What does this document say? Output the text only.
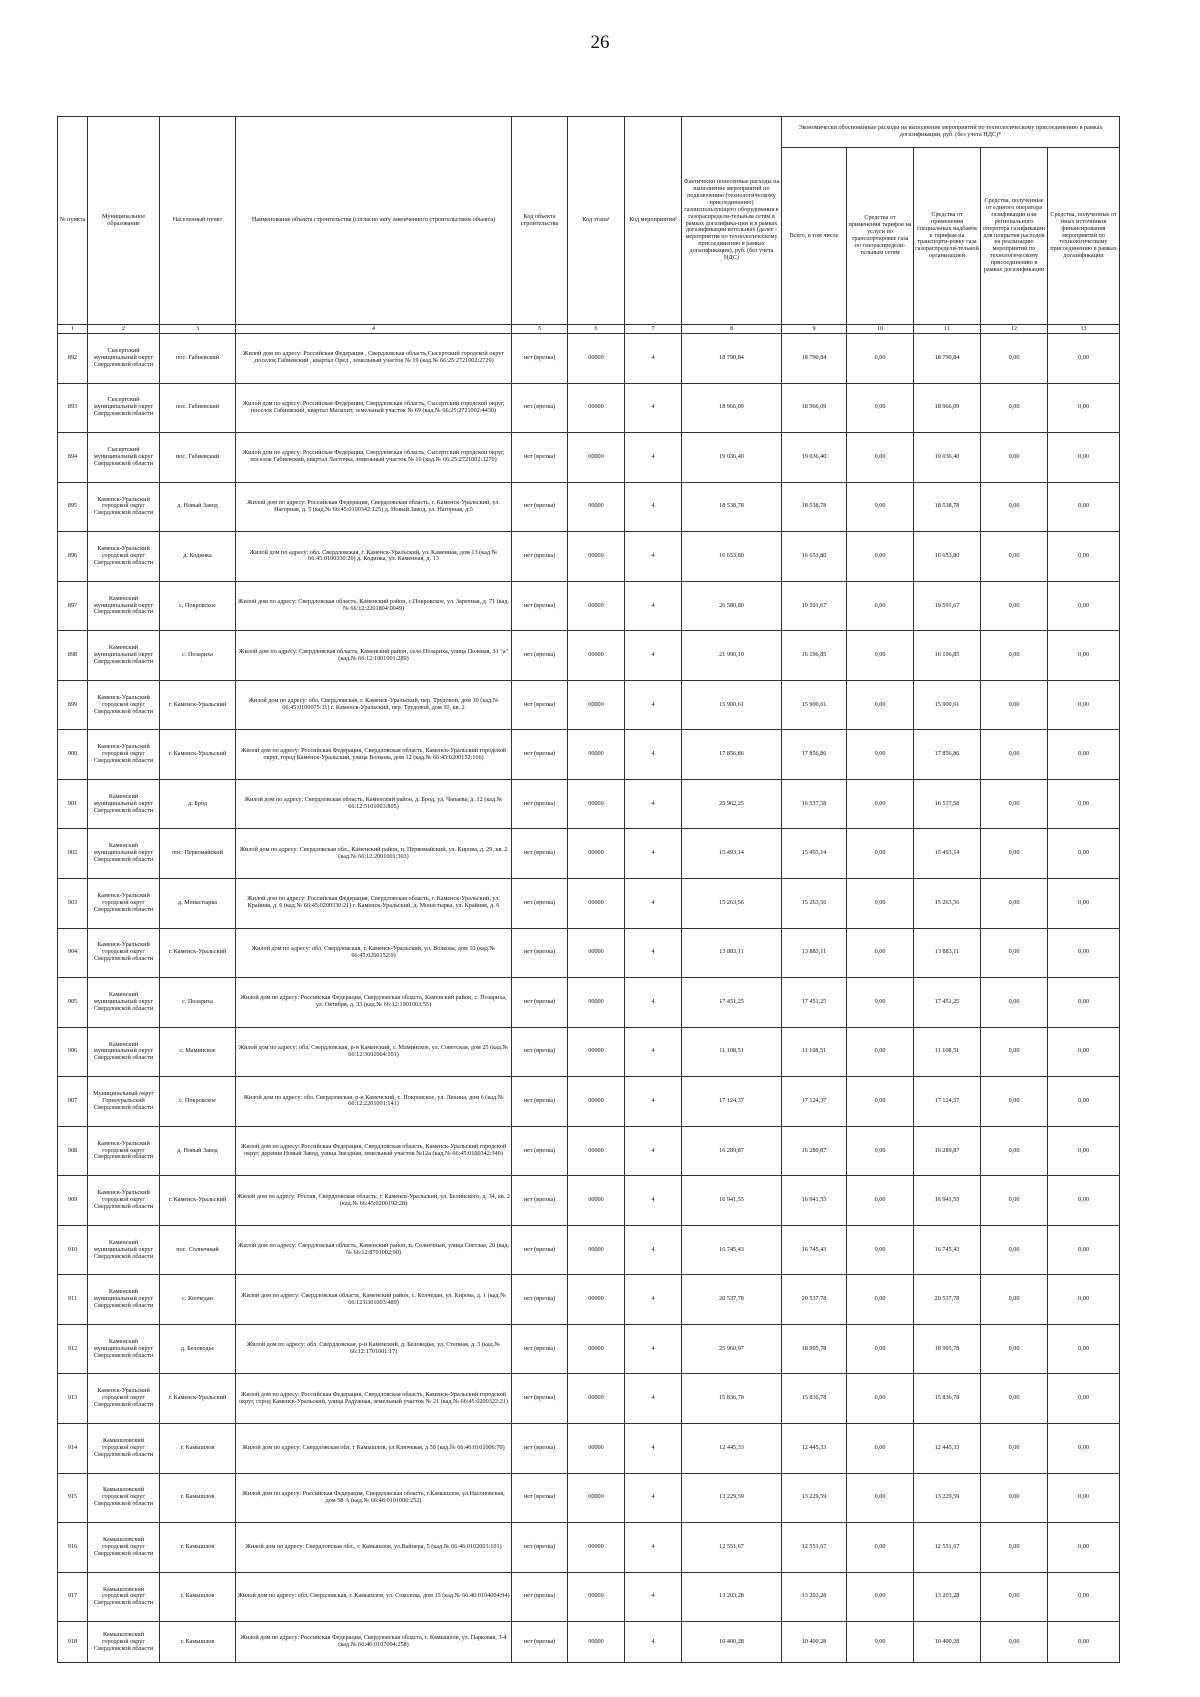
26
№ пункта	Муниципальное образование	Населенный пункт	Наименование объекта строительства (согласно акту законченного строительством объекта)	Код объекта строительства	Код этапа¹	Код мероприятия²	Фактически понесенные расходы на выполнение мероприятий по подключению (технологическому присоединению) газоиспользующего оборудования к газораспредели-тельным сетям в рамках догазифика-ции и в рамках догазификации котельных (далее - мероприятия по технологическому присоединению в рамках догазификации), руб. (без учета НДС)	Экономически обоснованные расходы на выполнение мероприятий по технологическому присоединению в рамках догазификации, руб. (без учета НДС)*				
								Всего, в том числе	Средства от применения тарифов на услуги по транспортировке газа по газораспредели-тельным сетям	Средства от применения специальных надбавок к тарифам на транспорти-ровку газа газораспредели-тельной организацией	Средства, полученные от единого оператора газификации или регионального оператора газификации для покрытия расходов на реализацию мероприятий по технологическому присоединению в рамках догазификации	Средства, полученные от иных источников финансирования мероприятий по технологическому присоединению в рамках догазификации
1	2	3	4	5	6	7	8	9	10	11	12	13
892	Сысертский муниципальный округ Свердловской области	пос. Габиевский	Жилой дом по адресу: Российская Федерация , Свердловская область,Сысертский городской округ ,поселок Габиевский , квартал Орел , земельный участок № 19 (кад.№ 66:25:2721002:2729)	нет (врезка)	00000	4	18 790,84	18 790,84	0,00	18 790,84	0,00	0,00
893	Сысертский муниципальный округ Свердловской области	пос. Габиевский	Жилой дом по адресу: Российская Федерация, Свердловская область, Сысертский городской округ, поселок Габиевский, квартал Малахит, земельный участок № 69 (кад.№ 66:25:2721002:4430)	нет (врезка)	00000	4	18 966,09	18 966,09	0,00	18 966,09	0,00	0,00
894	Сысертский муниципальный округ Свердловской области	пос. Габиевский	Жилой дом по адресу: Российская Федерация, Свердловская область, Сысертский городской округ, поселок Габиевский, квартал Ласточка, земельный участок № 10 (кад.№ 66:25:2721002:3270)	нет (врезка)	00000	4	19 036,40	19 036,40	0,00	19 036,40	0,00	0,00
895	Каменск-Уральский городской округ Свердловской области	д. Новый Завод	Жилой дом по адресу: Российская Федерация, Свердловская область, г. Каменск-Уральский, ул. Нагорная, д. 5 (кад.№ 66:45:0100342:125) д. Новый Завод, ул. Нагорная, д.5	нет (врезка)	00000	4	18 538,78	18 538,78	0,00	18 538,78	0,00	0,00
896	Каменск-Уральский городской округ Свердловской области	д. Кодинка	Жилой дом по адресу: обл. Свердловская, г. Каменск-Уральский, ул. Каменная, дом 13 (кад.№ 66:45:0100330:20) д. Кодинка, ул. Каменная, д. 13	нет (врезка)	00000	4	16 653,80	16 653,80	0,00	16 653,80	0,00	0,00
897	Каменский муниципальный округ Свердловской области	с. Покровское	Жилой дом по адресу: Свердловская область, Каменский район, с.Покровское, ул. Заречная, д. 71 (кад.№ 66:12:2201804:0049)	нет (врезка)	00000	4	26 580,80	19 591,67	0,00	19 591,67	0,00	0,00
898	Каменский муниципальный округ Свердловской области	с. Позариха	Жилой дом по адресу: Свердловская область, Каменский район, село Позариха, улица Полевая, 31 "а" (кад.№ 66:12:1901001:289)	нет (врезка)	00000	4	21 990,10	16 196,85	0,00	16 196,85	0,00	0,00
899	Каменск-Уральский городской округ Свердловской области	г. Каменск-Уральский	Жилой дом по адресу: обл. Свердловская, г. Каменск-Уральский, пер. Трудовой, дом 10 (кад.№ 66:45:0100075:11) г. Каменск-Уральский, пер. Трудовой, дом 10, кв. 2	нет (врезка)	00000	4	15 900,61	15 900,61	0,00	15 900,61	0,00	0,00
900	Каменск-Уральский городской округ Свердловской области	г. Каменск-Уральский	Жилой дом по адресу: Российская Федерация, Свердловская область, Каменск-Уральский городской округ, город Каменск-Уральский, улица Волкова, дом 12 (кад.№ 66:45:0200152:166)	нет (врезка)	00000	4	17 856,86	17 856,86	0,00	17 856,86	0,00	0,00
901	Каменский муниципальный округ Свердловской области	д. Брод	Жилой дом по адресу: Свердловская область, Каменский район, д. Брод, ул. Чапаева, д. 12 (кад.№ 66:12:5101003:805)	нет (врезка)	00000	4	25 962,25	16 537,58	0,00	16 537,58	0,00	0,00
902	Каменский муниципальный округ Свердловской области	пос. Первомайский	Жилой дом по адресу: Свердловская обл., Каменский район, п. Первомайский, ул. Кирова, д. 29, кв. 2 (кад.№ 66:12:2001001:303)	нет (врезка)	00000	4	15 493,14	15 493,14	0,00	15 493,14	0,00	0,00
903	Каменск-Уральский городской округ Свердловской области	д. Монастырка	Жилой дом по адресу: Российская Федерация, Свердловская область, г. Каменск-Уральский, ул. Крайняя, д. 6 (кад.№ 66:45:0200330:21) г. Каменск-Уральский, д. Монастырка, ул. Крайняя, д. 6	нет (врезка)	00000	4	15 263,56	15 263,56	0,00	15 263,56	0,00	0,00
904	Каменск-Уральский городской округ Свердловской области	г. Каменск-Уральский	Жилой дом по адресу: обл. Свердловская, г. Каменск-Уральский, ул. Волкова, дом 10 (кад.№ 66:45:0200152:9)	нет (врезка)	00000	4	13 883,11	13 883,11	0,00	13 883,11	0,00	0,00
905	Каменский муниципальный округ Свердловской области	с. Позариха	Жилой дом по адресу: Российская Федерация, Свердловская область, Каменский район, с. Позариха, ул. Октября, д. 33 (кад.№ 66:12:1901003:55)	нет (врезка)	00000	4	17 451,25	17 451,25	0,00	17 451,25	0,00	0,00
906	Каменский муниципальный округ Свердловской области	с. Маминское	Жилой дом по адресу: обл. Свердловская, р-н Каменский, с. Маминское, ул. Советская, дом 25 (кад.№ 66:12:3601004:101)	нет (врезка)	00000	4	11 108,51	11 108,51	0,00	11 108,51	0,00	0,00
907	Муниципальный округ Горноуральский Свердловской области	с. Покровское	Жилой дом по адресу: обл. Свердловская, р-н Каменский, с. Покровское, ул. Ленина, дом 6 (кад.№ 66:12:2201001:141)	нет (врезка)	00000	4	17 124,37	17 124,37	0,00	17 124,37	0,00	0,00
908	Каменск-Уральский городской округ Свердловской области	д. Новый Завод	Жилой дом по адресу: Российская Федерация, Свердловская область, Каменск-Уральский городской округ, деревня Новый Завод, улица Звездная, земельный участок №12а (кад.№ 66:45:0100342:340)	нет (врезка)	00000	4	16 289,87	16 289,87	0,00	16 289,87	0,00	0,00
909	Каменск-Уральский городской округ Свердловской области	г. Каменск-Уральский	Жилой дом по адресу: Россия, Свердловская область, г. Каменск-Уральский, ул. Белинского, д. 34, кв. 2 (кад.№ 66:45:0200192:28)	нет (врезка)	00000	4	16 941,55	16 941,55	0,00	16 941,55	0,00	0,00
910	Каменский муниципальный округ Свердловской области	пос. Солнечный	Жилой дом по адресу: Свердловская область, Каменский район, п. Солнечный, улица Светлая, 20 (кад.№ 66:12:8701002:90)	нет (врезка)	00000	4	16 745,43	16 745,43	0,00	16 745,43	0,00	0,00
911	Каменский муниципальный округ Свердловской области	с. Колчедан	Жилой дом по адресу: Свердловская область, Каменский район, с. Колчедан, ул. Кирова, д. 1 (кад.№ 66:12:6301003:489)	нет (врезка)	00000	4	20 537,78	20 537,78	0,00	20 537,78	0,00	0,00
912	Каменский муниципальный округ Свердловской области	д. Беловодье	Жилой дом по адресу: обл. Свердловская, р-н Каменский, д. Беловодье, ул. Степная, д. 3 (кад.№ 66:12:1701001:17)	нет (врезка)	00000	4	25 960,97	18 995,78	0,00	18 995,78	0,00	0,00
913	Каменск-Уральский городской округ Свердловской области	г. Каменск-Уральский	Жилой дом по адресу: Российская Федерация, Свердловская область, Каменск-Уральский городской округ, город Каменск-Уральский, улица Радужная, земельный участок № 21 (кад.№ 66:45:0200322:21)	нет (врезка)	00000	4	15 836,78	15 836,78	0,00	15 836,78	0,00	0,00
914	Камышловский городской округ Свердловской области	г. Камышлов	Жилой дом по адресу: Свердловская обл, г Камышлов, ул Ключевая, д 58 (кад.№ 66:46:0101006:70)	нет (врезка)	00000	4	12 445,33	12 445,33	0,00	12 445,33	0,00	0,00
915	Камышловский городской округ Свердловской области	г. Камышлов	Жилой дом по адресу: Российская Федерация, Свердловская область, г.Камышлов, ул.Насоновская, дом 58 А (кад.№ 66:46:0101006:252)	нет (врезка)	00000	4	13 229,59	13 229,59	0,00	13 229,59	0,00	0,00
916	Камышловский городской округ Свердловской области	г. Камышлов	Жилой дом по адресу: Свердловская обл., г. Камышлов, ул.Вайнера, 5 (кад.№ 66:46:0102003:101)	нет (врезка)	00000	4	12 551,67	12 551,67	0,00	12 551,67	0,00	0,00
917	Камышловский городской округ Свердловской области	г. Камышлов	Жилой дом по адресу: обл. Свердловская, г. Камышлов, ул. Соколова, дом 15 (кад.№ 66:46:0104004:94)	нет (врезка)	00000	4	13 203,28	13 203,28	0,00	13 203,28	0,00	0,00
918	Камышловский городской округ Свердловской области	г. Камышлов	Жилой дом по адресу: Российская Федерация, Свердловская область, г. Камышлов, ул. Парковая, 3-4 (кад.№ 66:46:0107004:258)	нет (врезка)	00000	4	10 400,28	10 400,28	0,00	10 400,28	0,00	0,00
